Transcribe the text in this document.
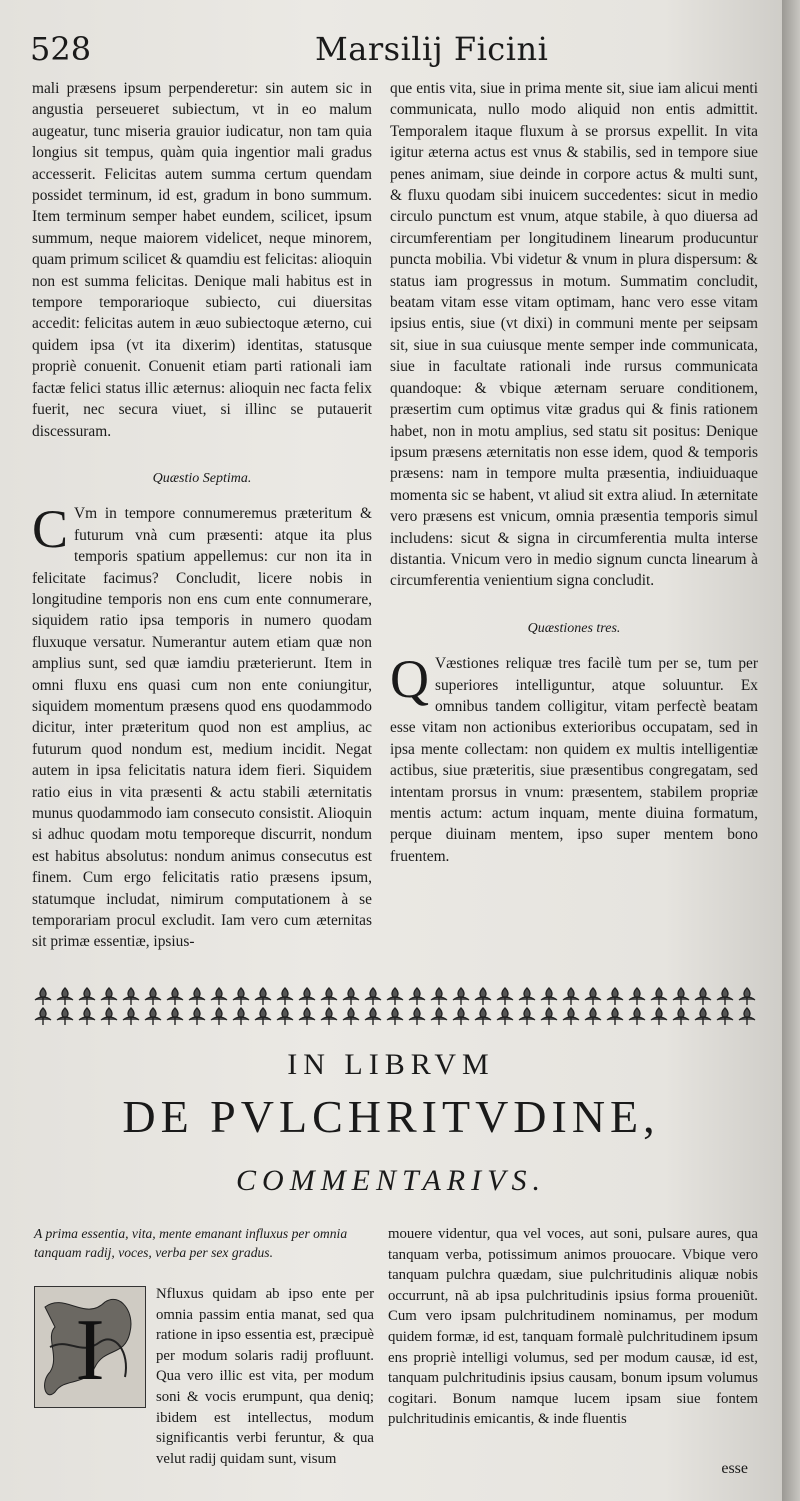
528	Marsilij Ficini

mali præsens ipsum perpenderetur: sin autem sic in angustia perseueret subiectum, vt in eo malum augeatur, tunc miseria grauior iudicatur, non tam quia longius sit tempus, quàm quia ingentior mali gradus accesserit. Felicitas autem summa certum quendam possidet terminum, id est, gradum in bono summum. Item terminum semper habet eundem, scilicet, ipsum summum, neque maiorem videlicet, neque minorem, quam primum scilicet & quamdiu est felicitas: alioquin non est summa felicitas. Denique mali habitus est in tempore temporarioque subiecto, cui diuersitas accedit: felicitas autem in æuo subiectoque æterno, cui quidem ipsa (vt ita dixerim) identitas, statusque propriè conuenit. Conuenit etiam parti rationali iam factæ felici status illic æternus: alioquin nec facta felix fuerit, nec secura viuet, si illinc se putauerit discessuram.

Quæstio Septima.

C Vm in tempore connumeremus præteritum & futurum vnà cum præsenti: atque ita plus temporis spatium appellemus: cur non ita in felicitate facimus? Concludit, licere nobis in longitudine temporis non ens cum ente connumerare, siquidem ratio ipsa temporis in numero quodam fluxuque versatur. Numerantur autem etiam quæ non amplius sunt, sed quæ iamdiu præterierunt. Item in omni fluxu ens quasi cum non ente coniungitur, siquidem momentum præsens quod ens quodammodo dicitur, inter præteritum quod non est amplius, ac futurum quod nondum est, medium incidit. Negat autem in ipsa felicitatis natura idem fieri. Siquidem ratio eius in vita præsenti & actu stabili æternitatis munus quodammodo iam consecuto consistit. Alioquin si adhuc quodam motu temporeque discurrit, nondum est habitus absolutus: nondum animus consecutus est finem. Cum ergo felicitatis ratio præsens ipsum, statumque includat, nimirum computationem à se temporariam procul excludit. Iam vero cum æternitas sit primæ essentiæ, ipsius-

que entis vita, siue in prima mente sit, siue iam alicui menti communicata, nullo modo aliquid non entis admittit. Temporalem itaque fluxum à se prorsus expellit. In vita igitur æterna actus est vnus & stabilis, sed in tempore siue penes animam, siue deinde in corpore actus & multi sunt, & fluxu quodam sibi inuicem succedentes: sicut in medio circulo punctum est vnum, atque stabile, à quo diuersa ad circumferentiam per longitudinem linearum producuntur puncta mobilia. Vbi videtur & vnum in plura dispersum: & status iam progressus in motum. Summatim concludit, beatam vitam esse vitam optimam, hanc vero esse vitam ipsius entis, siue (vt dixi) in communi mente per seipsam sit, siue in sua cuiusque mente semper inde communicata, siue in facultate rationali inde rursus communicata quandoque: & vbique æternam seruare conditionem, præsertim cum optimus vitæ gradus qui & finis rationem habet, non in motu amplius, sed statu sit positus: Denique ipsum præsens æternitatis non esse idem, quod & temporis præsens: nam in tempore multa præsentia, indiuiduaque momenta sic se habent, vt aliud sit extra aliud. In æternitate vero præsens est vnicum, omnia præsentia temporis simul includens: sicut & signa in circumferentia multa interse distantia. Vnicum vero in medio signum cuncta linearum à circumferentia venientium signa concludit.

Quæstiones tres.

Q Væstiones reliquæ tres facilè tum per se, tum per superiores intelliguntur, atque soluuntur. Ex omnibus tandem colligitur, vitam perfectè beatam esse vitam non actionibus exterioribus occupatam, sed in ipsa mente collectam: non quidem ex multis intelligentiæ actibus, siue præteritis, siue præsentibus congregatam, sed intentam prorsus in vnum: præsentem, stabilem propriæ mentis actum: actum inquam, mente diuina formatum, perque diuinam mentem, ipso super mentem bono fruentem.

IN LIBRVM
DE PVLCHRITVDINE,
COMMENTARIVS.
A prima essentia, vita, mente emanant influxus per omnia tanquam radij, voces, verba per sex gradus.
I

Nfluxus quidam ab ipso ente per omnia passim entia manat, sed qua ratione in ipso essentia est, præcipuè per modum solaris radij profluunt. Qua vero illic est vita, per modum soni & vocis erumpunt, qua deniq; ibidem est intellectus, modum significantis verbi feruntur, & qua velut radij quidam sunt, visum

mouere videntur, qua vel voces, aut soni, pulsare aures, qua tanquam verba, potissimum animos prouocare. Vbique vero tanquam pulchra quædam, siue pulchritudinis aliquæ nobis occurrunt, nã ab ipsa pulchritudinis ipsius forma proueniũt. Cum vero ipsam pulchritudinem nominamus, per modum quidem formæ, id est, tanquam formalè pulchritudinem ipsum ens propriè intelligi volumus, sed per modum causæ, id est, tanquam pulchritudinis ipsius causam, bonum ipsum volumus cogitari. Bonum namque lucem ipsam siue fontem pulchritudinis emicantis, & inde fluentis

esse
